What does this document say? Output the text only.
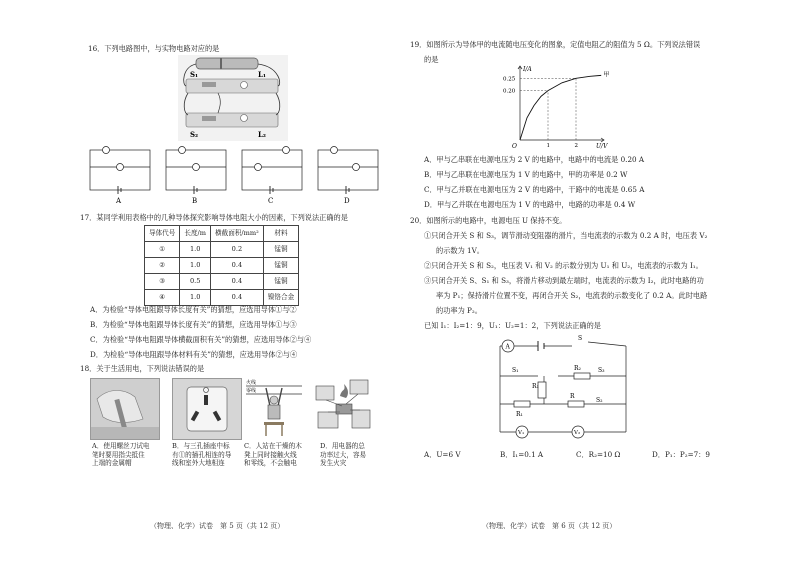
16．下列电路图中，与实物电路对应的是
S₁	L₁
S₂	L₂
A	B	C	D
17．某同学利用表格中的几种导体探究影响导体电阻大小的因素，下列说法正确的是
导体代号	长度/m	横截面积/mm²	材料
①	1.0	0.2	锰铜
②	1.0	0.4	锰铜
③	0.5	0.4	锰铜
④	1.0	0.4	镍铬合金
A．为检验“导体电阻跟导体长度有关”的猜想，应选用导体①与②
B．为检验“导体电阻跟导体长度有关”的猜想，应选用导体①与③
C．为检验“导体电阻跟导体横截面积有关”的猜想，应选用导体②与④
D．为检验“导体电阻跟导体材料有关”的猜想，应选用导体②与④
18．关于生活用电，下列说法错误的是
火线
零线
A．使用螺丝刀试电
笔时要用指尖抵住
上端的金属帽
B．与三孔插座中标
有①的插孔相连的导
线和室外大地相连
C．人站在干燥的木
凳上同时接触火线
和零线，不会触电
D．用电器的总
功率过大，容易
发生火灾
（物理、化学）试卷　第 5 页（共 12 页）
19．如图所示为导体甲的电流随电压变化的图象，定值电阻乙的阻值为 5 Ω。下列说法错误
的是
I/A
U/V
O
甲
1
0.20
2
0.25
A．甲与乙串联在电源电压为 2 V 的电路中，电路中的电流是 0.20 A
B．甲与乙串联在电源电压为 1 V 的电路中，甲的功率是 0.2 W
C．甲与乙并联在电源电压为 2 V 的电路中，干路中的电流是 0.65 A
D．甲与乙并联在电源电压为 1 V 的电路中，电路的功率是 0.4 W
20．如图所示的电路中，电源电压 U 保持不变。
①只闭合开关 S 和 S₃，调节滑动变阻器的滑片，当电流表的示数为 0.2 A 时，电压表 V₂
的示数为 1V。
②只闭合开关 S 和 S₂，电压表 V₁ 和 V₂ 的示数分别为 U₁ 和 U₂，电流表的示数为 I₁。
③只闭合开关 S、S₁ 和 S₃，将滑片移动到最左端时，电流表的示数为 I₂，此时电路的功
率为 P₁；保持滑片位置不变，再闭合开关 S₂，电流表的示数变化了 0.2 A。此时电路
的功率为 P₂。
已知 I₁：I₂=1：9，U₁：U₂=1：2，下列说法正确的是
A
S
S₁	R₂	S₃
R₁
R
S₂
V₁	V₂
R₁
A．U=6 V	B．I₁=0.1 A	C．R₂=10 Ω	D．P₁：P₂=7：9
（物理、化学）试卷　第 6 页（共 12 页）
